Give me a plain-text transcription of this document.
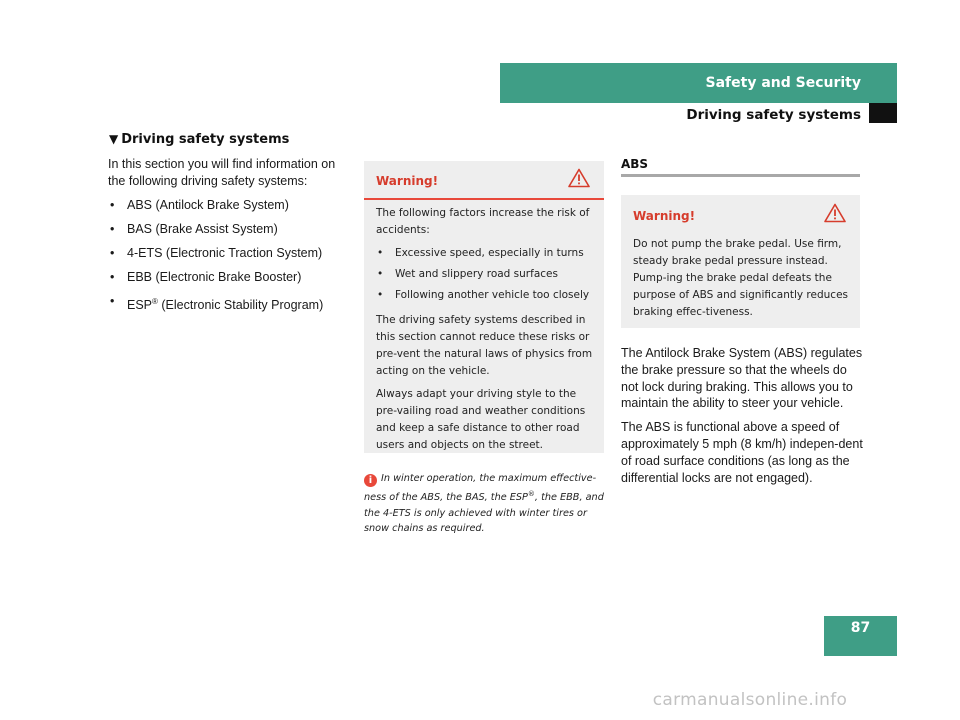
Safety and Security
Driving safety systems
▼ Driving safety systems
In this section you will find information on the following driving safety systems:
• ABS (Antilock Brake System)
• BAS (Brake Assist System)
• 4-ETS (Electronic Traction System)
• EBB (Electronic Brake Booster)
• ESP® (Electronic Stability Program)
Warning!

The following factors increase the risk of accidents:

• Excessive speed, especially in turns
• Wet and slippery road surfaces
• Following another vehicle too closely

The driving safety systems described in this section cannot reduce these risks or pre-vent the natural laws of physics from acting on the vehicle.

Always adapt your driving style to the pre-vailing road and weather conditions and keep a safe distance to other road users and objects on the street.

i In winter operation, the maximum effective-ness of the ABS, the BAS, the ESP®, the EBB, and the 4-ETS is only achieved with winter tires or snow chains as required.
ABS
Warning!

Do not pump the brake pedal. Use firm, steady brake pedal pressure instead. Pump-ing the brake pedal defeats the purpose of ABS and significantly reduces braking effec-tiveness.

The Antilock Brake System (ABS) regulates the brake pressure so that the wheels do not lock during braking. This allows you to maintain the ability to steer your vehicle.

The ABS is functional above a speed of approximately 5 mph (8 km/h) indepen-dent of road surface conditions (as long as the differential locks are not engaged).

87
carmanualsonline.info
